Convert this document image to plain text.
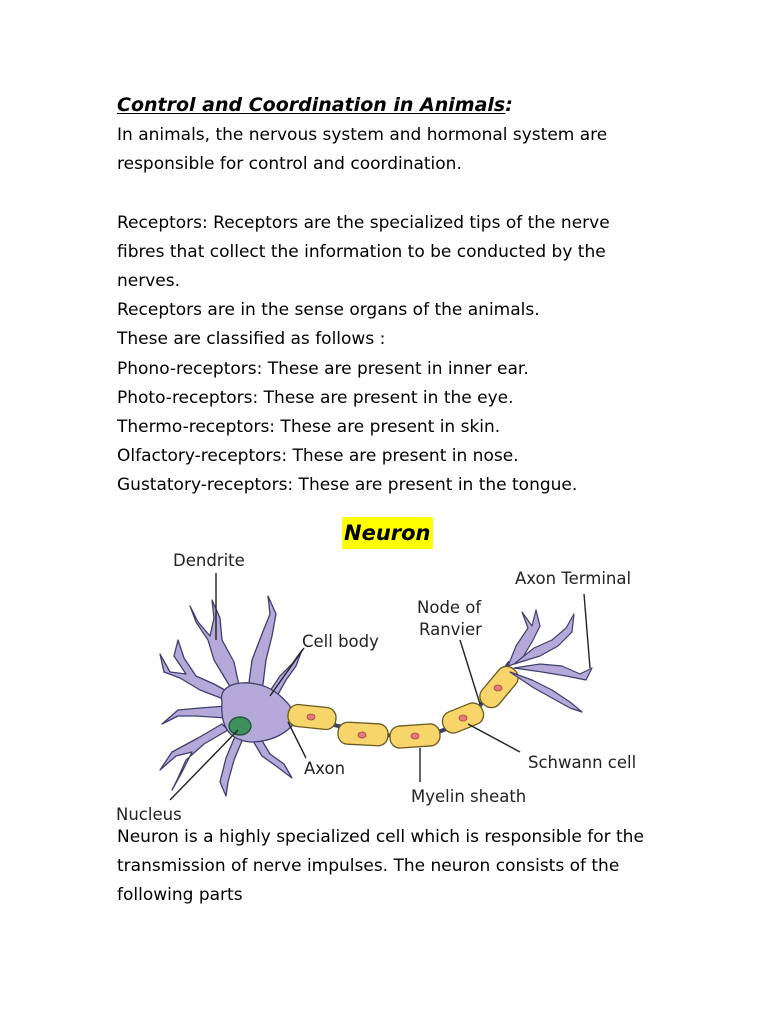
Control and Coordination in Animals:
In animals, the nervous system and hormonal system are
responsible for control and coordination.
Receptors: Receptors are the specialized tips of the nerve
fibres that collect the information to be conducted by the
nerves.
Receptors are in the sense organs of the animals.
These are classified as follows :
Phono-receptors: These are present in inner ear.
Photo-receptors: These are present in the eye.
Thermo-receptors: These are present in skin.
Olfactory-receptors: These are present in nose.
Gustatory-receptors: These are present in the tongue.
Neuron
Dendrite
Axon Terminal
Node of
Ranvier
Cell body
Axon	Schwann cell
Myelin sheath
Nucleus
Neuron is a highly specialized cell which is responsible for the
transmission of nerve impulses. The neuron consists of the
following parts
